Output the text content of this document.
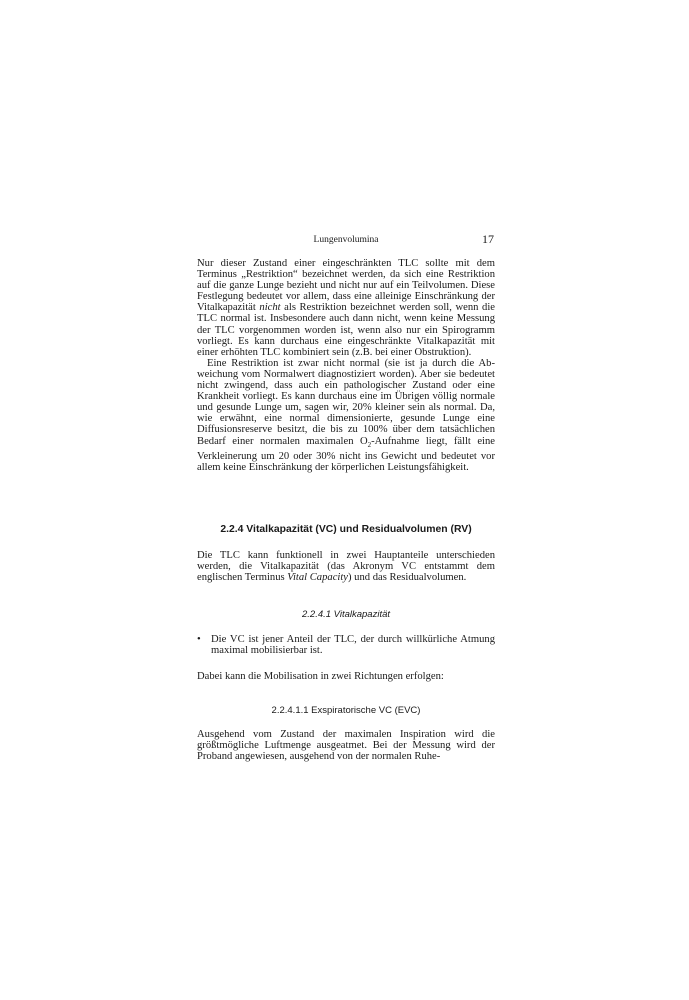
Lungenvolumina	17

Nur dieser Zustand einer eingeschränkten TLC sollte mit dem Terminus „Restriktion“ bezeichnet werden, da sich eine Restriktion auf die ganze Lunge bezieht und nicht nur auf ein Teilvolumen. Diese Festlegung bedeutet vor allem, dass eine alleinige Einschränkung der Vitalkapazität nicht als Restriktion bezeichnet werden soll, wenn die TLC normal ist. Insbesondere auch dann nicht, wenn keine Messung der TLC vorgenommen worden ist, wenn also nur ein Spirogramm vorliegt. Es kann durchaus eine eingeschränkte Vitalkapazität mit einer erhöhten TLC kombiniert sein (z.B. bei einer Obstruktion).

Eine Restriktion ist zwar nicht normal (sie ist ja durch die Abweichung vom Normalwert diagnostiziert worden). Aber sie bedeutet nicht zwingend, dass auch ein pathologischer Zustand oder eine Krankheit vorliegt. Es kann durchaus eine im Übrigen völlig normale und gesunde Lunge um, sagen wir, 20% kleiner sein als normal. Da, wie erwähnt, eine normal dimensionierte, gesunde Lunge eine Diffusionsreserve besitzt, die bis zu 100% über dem tatsächlichen Bedarf einer normalen maximalen $O_2$-Aufnahme liegt, fällt eine Verkleinerung um 20 oder 30% nicht ins Gewicht und bedeutet vor allem keine Einschränkung der körperlichen Leistungsfähigkeit.

2.2.4 Vitalkapazität (VC) und Residualvolumen (RV)

Die TLC kann funktionell in zwei Hauptanteile unterschieden werden, die Vitalkapazität (das Akronym VC entstammt dem englischen Terminus Vital Capacity) und das Residualvolumen.

2.2.4.1 Vitalkapazität
• Die VC ist jener Anteil der TLC, der durch willkürliche Atmung maximal mobilisierbar ist.

Dabei kann die Mobilisation in zwei Richtungen erfolgen:

2.2.4.1.1 Exspiratorische VC (EVC)

Ausgehend vom Zustand der maximalen Inspiration wird die größtmögliche Luftmenge ausgeatmet. Bei der Messung wird der Proband angewiesen, ausgehend von der normalen Ruhe-
